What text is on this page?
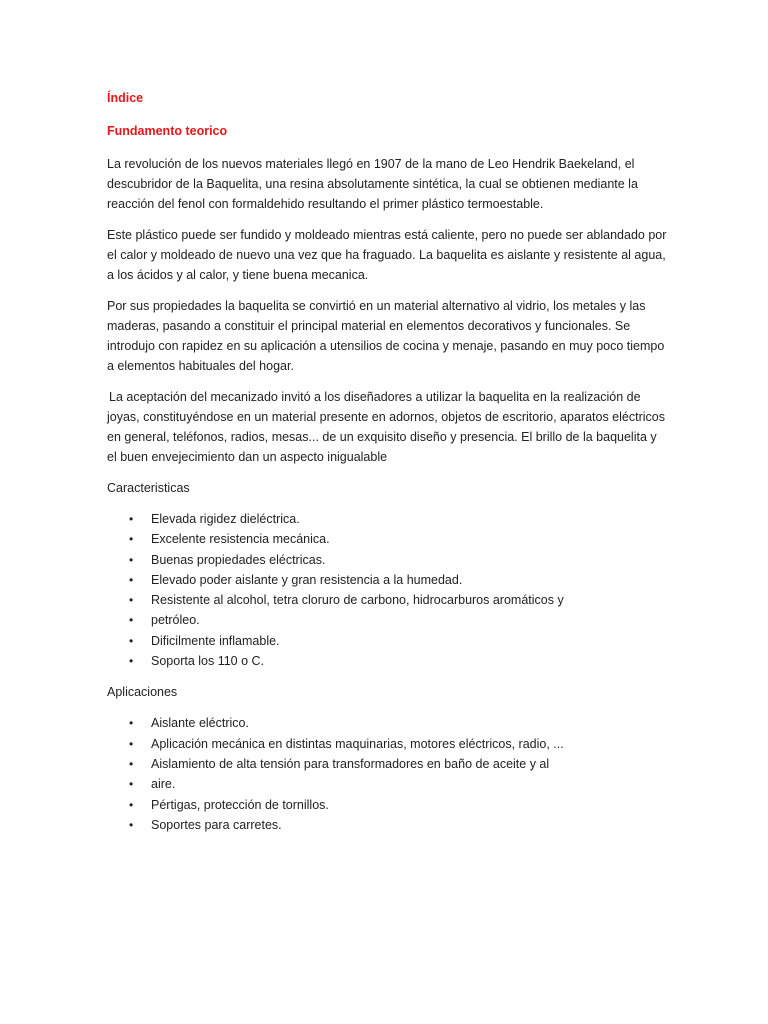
Índice
Fundamento teorico

La revolución de los nuevos materiales llegó en 1907 de la mano de Leo Hendrik Baekeland, el descubridor de la Baquelita, una resina absolutamente sintética, la cual se obtienen mediante la reacción del fenol con formaldehido resultando el primer plástico termoestable.

Este plástico puede ser fundido y moldeado mientras está caliente, pero no puede ser ablandado por el calor y moldeado de nuevo una vez que ha fraguado. La baquelita es aislante y resistente al agua, a los ácidos y al calor, y tiene buena mecanica.

Por sus propiedades la baquelita se convirtió en un material alternativo al vidrio, los metales y las maderas, pasando a constituir el principal material en elementos decorativos y funcionales. Se introdujo con rapidez en su aplicación a utensilios de cocina y menaje, pasando en muy poco tiempo a elementos habituales del hogar.

La aceptación del mecanizado invitó a los diseñadores a utilizar la baquelita en la realización de joyas, constituyéndose en un material presente en adornos, objetos de escritorio, aparatos eléctricos en general, teléfonos, radios, mesas... de un exquisito diseño y presencia. El brillo de la baquelita y el buen envejecimiento dan un aspecto inigualable

Caracteristicas
• Elevada rigidez dieléctrica.
• Excelente resistencia mecánica.
• Buenas propiedades eléctricas.
• Elevado poder aislante y gran resistencia a la humedad.
• Resistente al alcohol, tetra cloruro de carbono, hidrocarburos aromáticos y
• petróleo.
• Dificilmente inflamable.
• Soporta los 110 o C.
Aplicaciones
• Aislante eléctrico.
• Aplicación mecánica en distintas maquinarias, motores eléctricos, radio, ...
• Aislamiento de alta tensión para transformadores en baño de aceite y al
• aire.
• Pértigas, protección de tornillos.
• Soportes para carretes.
